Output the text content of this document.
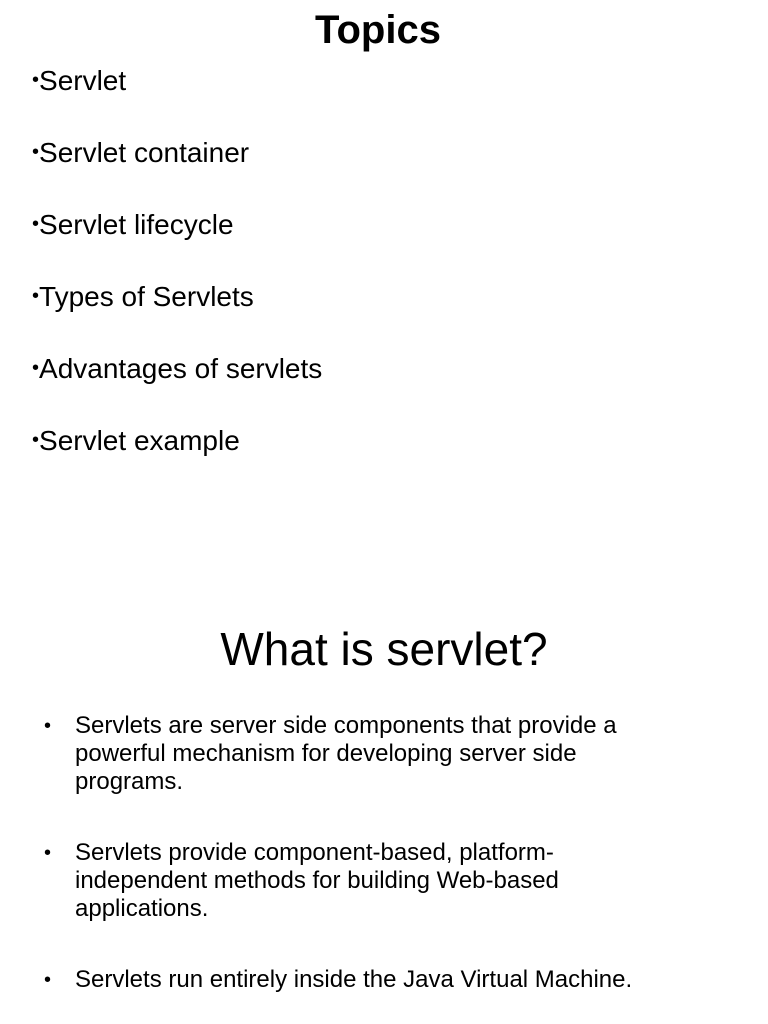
Topics
•Servlet
•Servlet container
•Servlet lifecycle
•Types of Servlets
•Advantages of servlets
•Servlet example
What is servlet?
• Servlets are server side components that provide a powerful mechanism for developing server side programs.
• Servlets provide component-based, platform-independent methods for building Web-based applications.
• Servlets run entirely inside the Java Virtual Machine.
